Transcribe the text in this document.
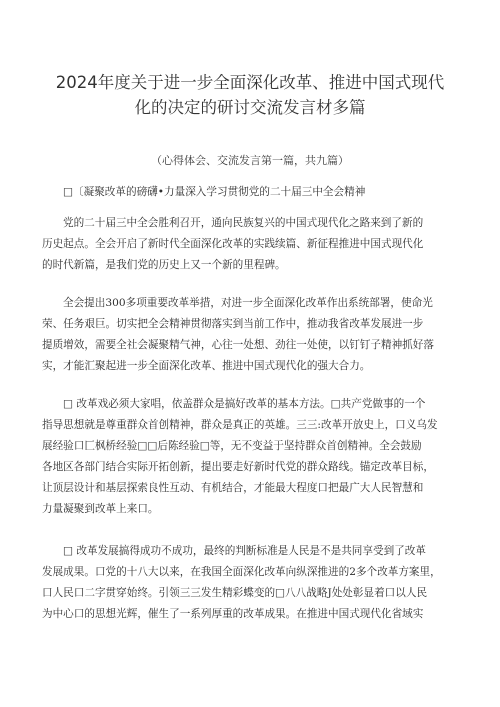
2024年度关于进一步全面深化改革、推进中国式现代
化的决定的研讨交流发言材多篇
（心得体会、交流发言第一篇，共九篇）
□〔凝聚改革的磅礴•力量深入学习贯彻党的二十届三中全会精神
党的二十届三中全会胜利召开，通向民族复兴的中国式现代化之路来到了新的
历史起点。全会开启了新时代全面深化改革的实践续篇、新征程推进中国式现代化
的时代新篇，是我们党的历史上又一个新的里程碑。
全会提出300多项重要改革举措，对进一步全面深化改革作出系统部署，使命光
荣、任务艰巨。切实把全会精神贯彻落实到当前工作中，推动我省改革发展进一步
提质增效，需要全社会凝聚精气神，心往一处想、劲往一处使，以钉钉子精神抓好落
实，才能汇聚起进一步全面深化改革、推进中国式现代化的强大合力。
□ 改革戏必须大家唱，依盖群众是搞好改革的基本方法。□共产党做事的一个
指导思想就是尊重群众首创精神，群众是真正的英雄。三三:改革开放史上，口义乌发
展经验口匚枫桥经验□□后陈经验□等，无不变益于坚持群众首创精神。全会鼓励
各地区各部门结合实际开拓创新，提出要走好新时代党的群众路线。锚定改革目标，
让顶层设计和基层探索良性互动、有机结合，才能最大程度口把最广大人民智慧和
力量凝聚到改革上来口。
□ 改革发展搞得成功不成功，最终的判断标准是人民是不是共同享受到了改革
发展成果。口党的十八大以来，在我国全面深化改革向纵深推进的2多个改革方案里，
口人民口二字贯穿始终。引领三三发生精彩蝶变的□八八战略J处处彰显着口以人民
为中心口的思想光辉，催生了一系列厚重的改革成果。在推进中国式现代化省域实
